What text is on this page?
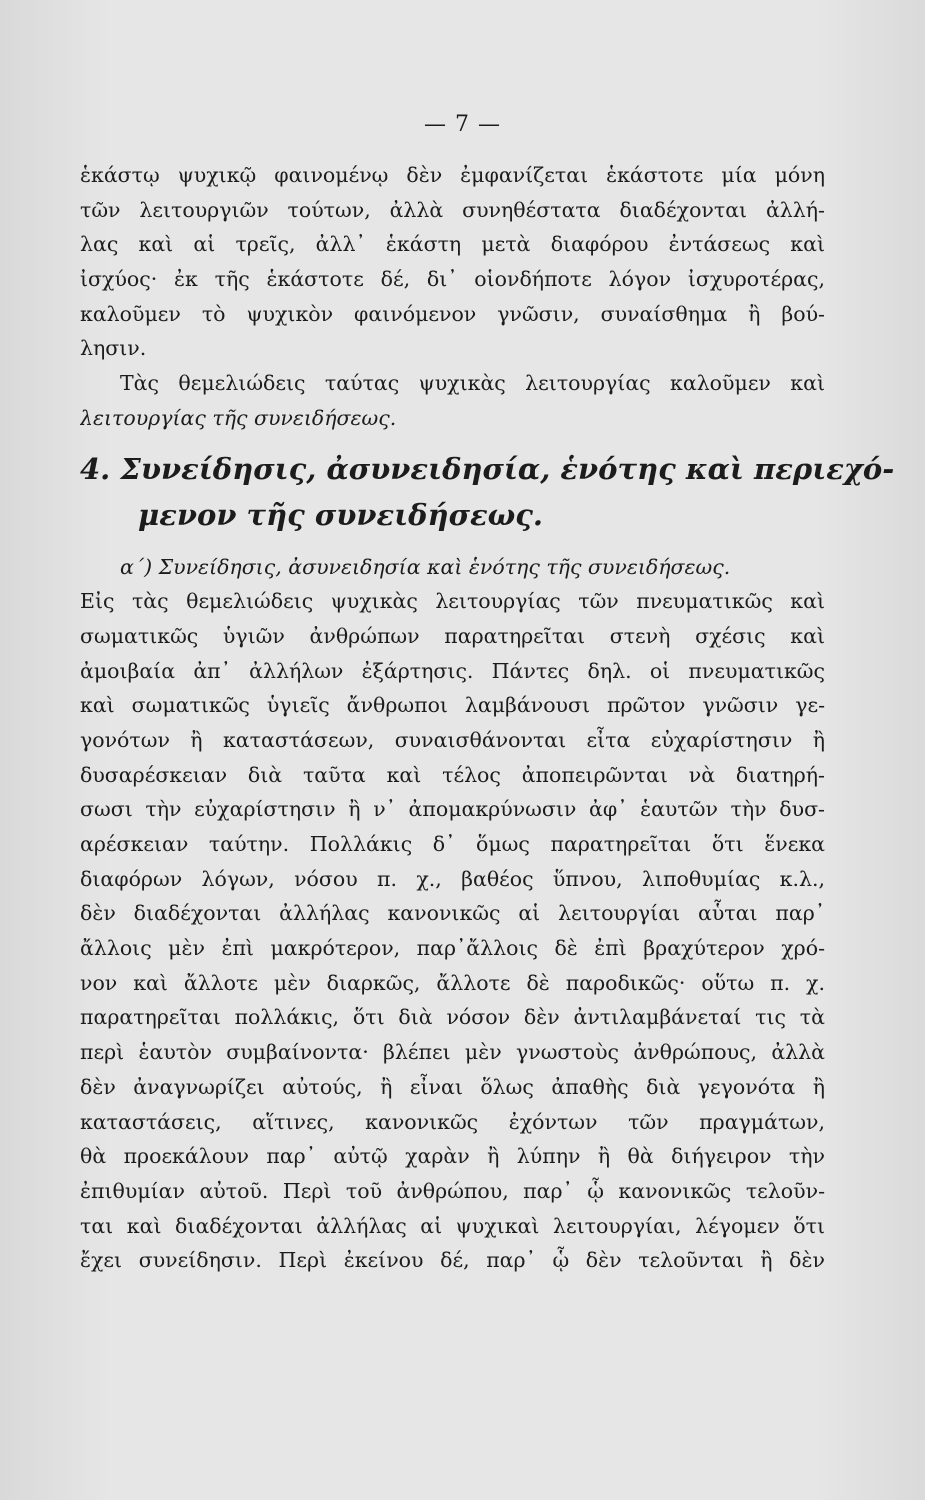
— 7 —
ἑκάστῳ ψυχικῷ φαινομένῳ δὲν ἐμφανίζεται ἑκάστοτε μία μόνη
τῶν λειτουργιῶν τούτων, ἀλλὰ συνηθέστατα διαδέχονται ἀλλή-
λας καὶ αἱ τρεῖς, ἀλλ᾽ ἑκάστη μετὰ διαφόρου ἐντάσεως καὶ
ἰσχύος· ἐκ τῆς ἑκάστοτε δέ, δι᾽ οἱονδήποτε λόγον ἰσχυροτέρας,
καλοῦμεν τὸ ψυχικὸν φαινόμενον γνῶσιν, συναίσθημα ἢ βού-
λησιν.
Τὰς θεμελιώδεις ταύτας ψυχικὰς λειτουργίας καλοῦμεν καὶ
λειτουργίας τῆς συνειδήσεως.
4. Συνείδησις, ἀσυνειδησία, ἑνότης καὶ περιεχό-
μενον τῆς συνειδήσεως.
α´) Συνείδησις, ἀσυνειδησία καὶ ἑνότης τῆς συνειδήσεως.
Εἰς τὰς θεμελιώδεις ψυχικὰς λειτουργίας τῶν πνευματικῶς καὶ
σωματικῶς ὑγιῶν ἀνθρώπων παρατηρεῖται στενὴ σχέσις καὶ
ἀμοιβαία ἀπ᾽ ἀλλήλων ἐξάρτησις. Πάντες δηλ. οἱ πνευματικῶς
καὶ σωματικῶς ὑγιεῖς ἄνθρωποι λαμβάνουσι πρῶτον γνῶσιν γε-
γονότων ἢ καταστάσεων, συναισθάνονται εἶτα εὐχαρίστησιν ἢ
δυσαρέσκειαν διὰ ταῦτα καὶ τέλος ἀποπειρῶνται νὰ διατηρή-
σωσι τὴν εὐχαρίστησιν ἢ ν᾽ ἀπομακρύνωσιν ἀφ᾽ ἑαυτῶν τὴν δυσ-
αρέσκειαν ταύτην. Πολλάκις δ᾽ ὅμως παρατηρεῖται ὅτι ἕνεκα
διαφόρων λόγων, νόσου π. χ., βαθέος ὕπνου, λιποθυμίας κ.λ.,
δὲν διαδέχονται ἀλλήλας κανονικῶς αἱ λειτουργίαι αὗται παρ᾽
ἄλλοις μὲν ἐπὶ μακρότερον, παρ᾽ἄλλοις δὲ ἐπὶ βραχύτερον χρό-
νον καὶ ἄλλοτε μὲν διαρκῶς, ἄλλοτε δὲ παροδικῶς· οὕτω π. χ.
παρατηρεῖται πολλάκις, ὅτι διὰ νόσον δὲν ἀντιλαμβάνεταί τις τὰ
περὶ ἑαυτὸν συμβαίνοντα· βλέπει μὲν γνωστοὺς ἀνθρώπους, ἀλλὰ
δὲν ἀναγνωρίζει αὐτούς, ἢ εἶναι ὅλως ἀπαθὴς διὰ γεγονότα ἢ
καταστάσεις, αἵτινες, κανονικῶς ἐχόντων τῶν πραγμάτων,
θὰ προεκάλουν παρ᾽ αὐτῷ χαρὰν ἢ λύπην ἢ θὰ διήγειρον τὴν
ἐπιθυμίαν αὐτοῦ. Περὶ τοῦ ἀνθρώπου, παρ᾽ ᾧ κανονικῶς τελοῦν-
ται καὶ διαδέχονται ἀλλήλας αἱ ψυχικαὶ λειτουργίαι, λέγομεν ὅτι
ἔχει συνείδησιν. Περὶ ἐκείνου δέ, παρ᾽ ᾧ δὲν τελοῦνται ἢ δὲν
